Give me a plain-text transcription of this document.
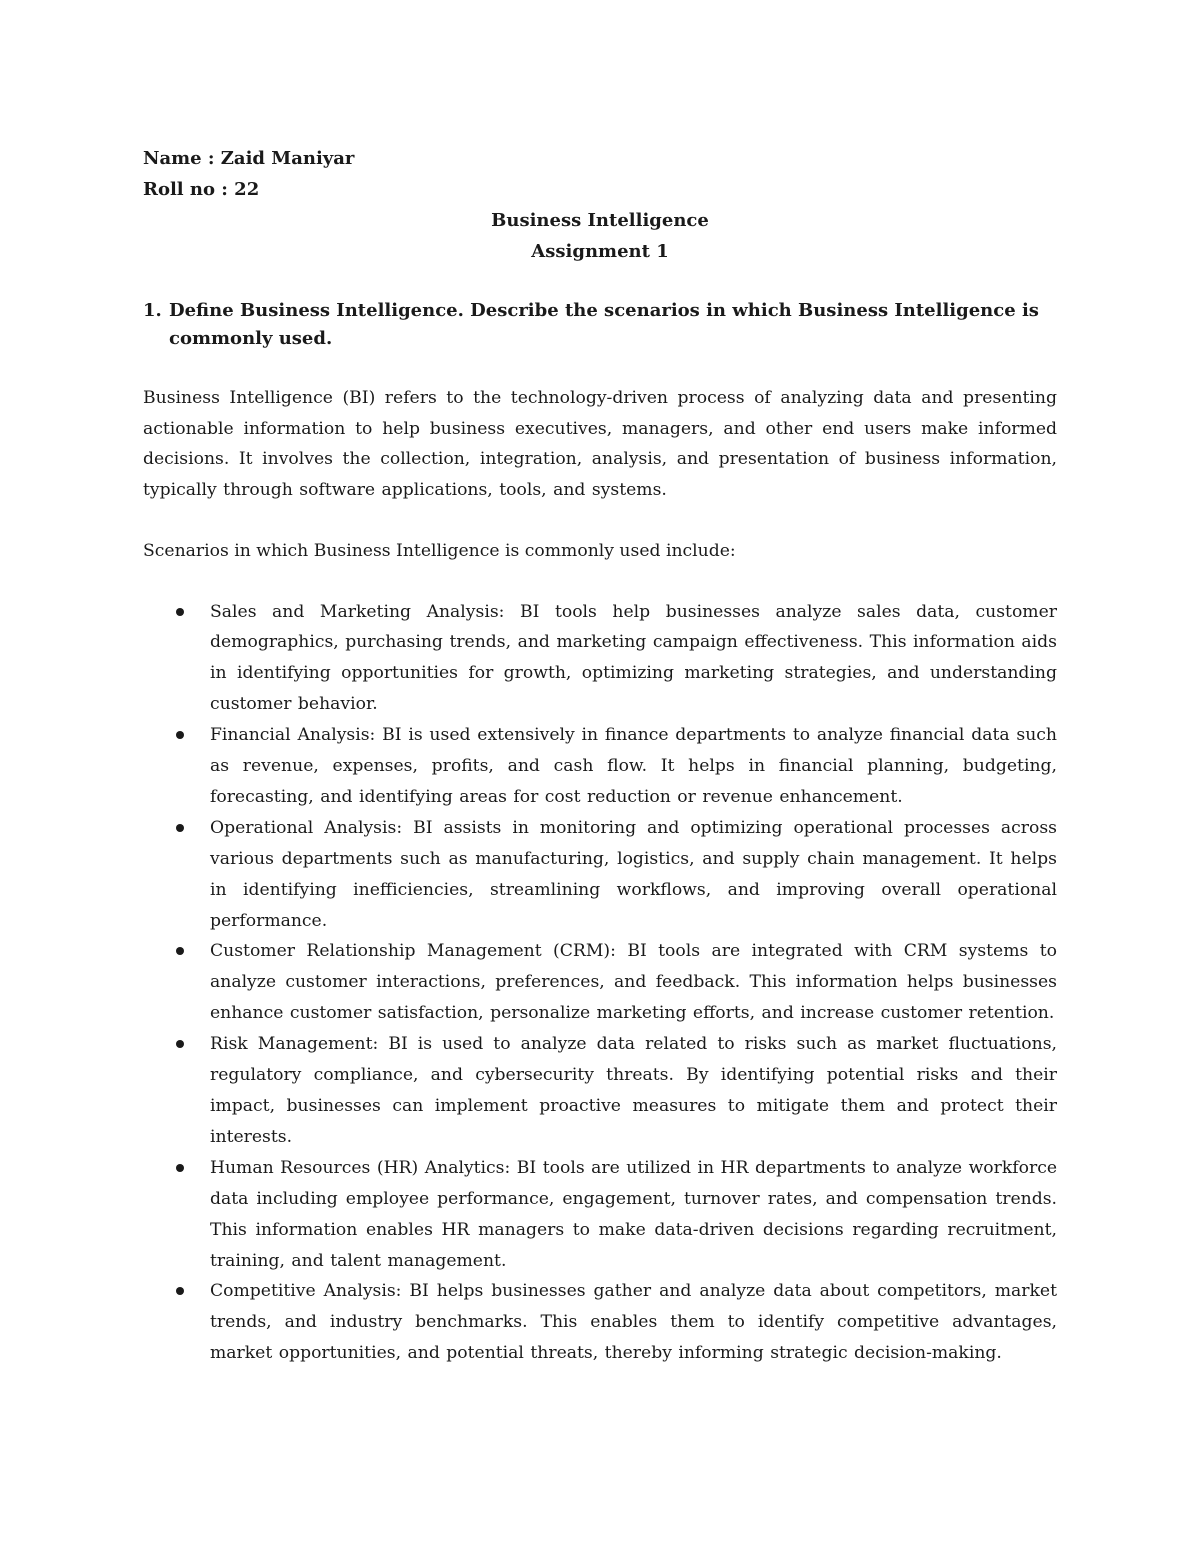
Name : Zaid Maniyar

Roll no : 22

Business Intelligence

Assignment 1

1. Define Business Intelligence. Describe the scenarios in which Business Intelligence is commonly used.

Business Intelligence (BI) refers to the technology-driven process of analyzing data and presenting actionable information to help business executives, managers, and other end users make informed decisions. It involves the collection, integration, analysis, and presentation of business information, typically through software applications, tools, and systems.

Scenarios in which Business Intelligence is commonly used include:

Sales and Marketing Analysis: BI tools help businesses analyze sales data, customer demographics, purchasing trends, and marketing campaign effectiveness. This information aids in identifying opportunities for growth, optimizing marketing strategies, and understanding customer behavior.
Financial Analysis: BI is used extensively in finance departments to analyze financial data such as revenue, expenses, profits, and cash flow. It helps in financial planning, budgeting, forecasting, and identifying areas for cost reduction or revenue enhancement.
Operational Analysis: BI assists in monitoring and optimizing operational processes across various departments such as manufacturing, logistics, and supply chain management. It helps in identifying inefficiencies, streamlining workflows, and improving overall operational performance.
Customer Relationship Management (CRM): BI tools are integrated with CRM systems to analyze customer interactions, preferences, and feedback. This information helps businesses enhance customer satisfaction, personalize marketing efforts, and increase customer retention.
Risk Management: BI is used to analyze data related to risks such as market fluctuations, regulatory compliance, and cybersecurity threats. By identifying potential risks and their impact, businesses can implement proactive measures to mitigate them and protect their interests.
Human Resources (HR) Analytics: BI tools are utilized in HR departments to analyze workforce data including employee performance, engagement, turnover rates, and compensation trends. This information enables HR managers to make data-driven decisions regarding recruitment, training, and talent management.
Competitive Analysis: BI helps businesses gather and analyze data about competitors, market trends, and industry benchmarks. This enables them to identify competitive advantages, market opportunities, and potential threats, thereby informing strategic decision-making.
